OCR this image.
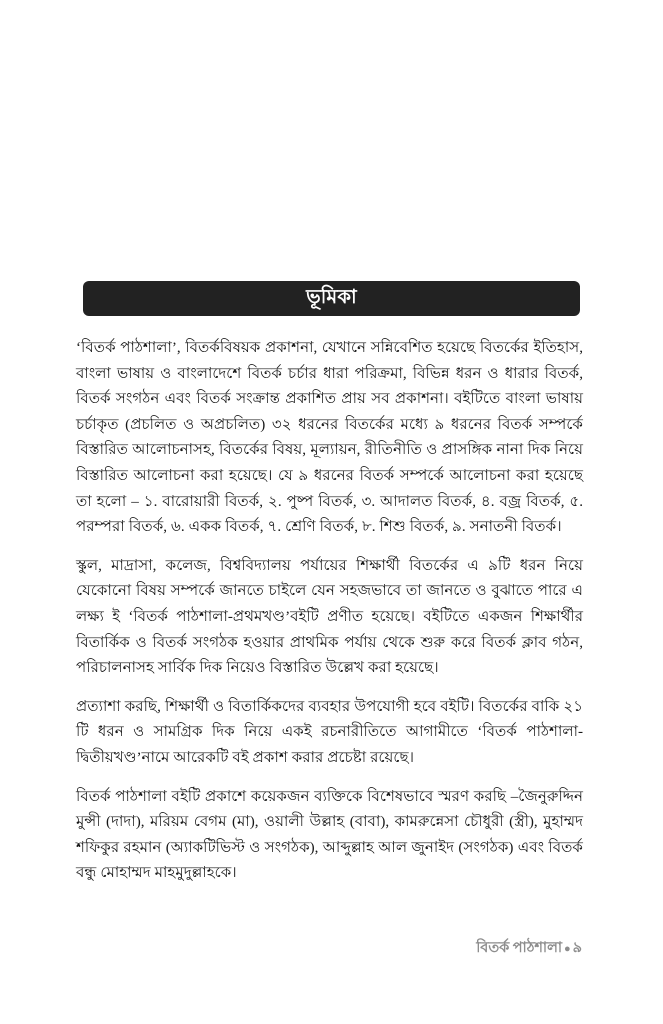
ভূমিকা

‘বিতর্ক পাঠশালা’, বিতর্কবিষয়ক প্রকাশনা, যেখানে সন্নিবেশিত হয়েছে বিতর্কের ইতিহাস, বাংলা ভাষায় ও বাংলাদেশে বিতর্ক চর্চার ধারা পরিক্রমা, বিভিন্ন ধরন ও ধারার বিতর্ক, বিতর্ক সংগঠন এবং বিতর্ক সংক্রান্ত প্রকাশিত প্রায় সব প্রকাশনা। বইটিতে বাংলা ভাষায় চর্চাকৃত (প্রচলিত ও অপ্রচলিত) ৩২ ধরনের বিতর্কের মধ্যে ৯ ধরনের বিতর্ক সম্পর্কে বিস্তারিত আলোচনাসহ, বিতর্কের বিষয়, মূল্যায়ন, রীতিনীতি ও প্রাসঙ্গিক নানা দিক নিয়ে বিস্তারিত আলোচনা করা হয়েছে। যে ৯ ধরনের বিতর্ক সম্পর্কে আলোচনা করা হয়েছে তা হলো – ১. বারোয়ারী বিতর্ক, ২. পুষ্প বিতর্ক, ৩. আদালত বিতর্ক, ৪. বজ্র বিতর্ক, ৫. পরম্পরা বিতর্ক, ৬. একক বিতর্ক, ৭. শ্রেণি বিতর্ক, ৮. শিশু বিতর্ক, ৯. সনাতনী বিতর্ক।

স্কুল, মাদ্রাসা, কলেজ, বিশ্ববিদ্যালয় পর্যায়ের শিক্ষার্থী বিতর্কের এ ৯টি ধরন নিয়ে যেকোনো বিষয় সম্পর্কে জানতে চাইলে যেন সহজভাবে তা জানতে ও বুঝাতে পারে এ লক্ষ্য ই ‘বিতর্ক পাঠশালা-প্রথমখণ্ড’বইটি প্রণীত হয়েছে। বইটিতে একজন শিক্ষার্থীর বিতার্কিক ও বিতর্ক সংগঠক হওয়ার প্রাথমিক পর্যায় থেকে শুরু করে বিতর্ক ক্লাব গঠন, পরিচালনাসহ সার্বিক দিক নিয়েও বিস্তারিত উল্লেখ করা হয়েছে।

প্রত্যাশা করছি, শিক্ষার্থী ও বিতার্কিকদের ব্যবহার উপযোগী হবে বইটি। বিতর্কের বাকি ২১ টি ধরন ও সামগ্রিক দিক নিয়ে একই রচনারীতিতে আগামীতে ‘বিতর্ক পাঠশালা-দ্বিতীয়খণ্ড’নামে আরেকটি বই প্রকাশ করার প্রচেষ্টা রয়েছে।

বিতর্ক পাঠশালা বইটি প্রকাশে কয়েকজন ব্যক্তিকে বিশেষভাবে স্মরণ করছি –জৈনুরুদ্দিন মুন্সী (দাদা), মরিয়ম বেগম (মা), ওয়ালী উল্লাহ (বাবা), কামরুন্নেসা চৌধুরী (স্ত্রী), মুহাম্মদ শফিকুর রহমান (অ্যাকটিভিস্ট ও সংগঠক), আব্দুল্লাহ আল জুনাইদ (সংগঠক) এবং বিতর্ক বন্ধু মোহাম্মদ মাহমুদুল্লাহকে।

বিতর্ক পাঠশালা ● ৯
